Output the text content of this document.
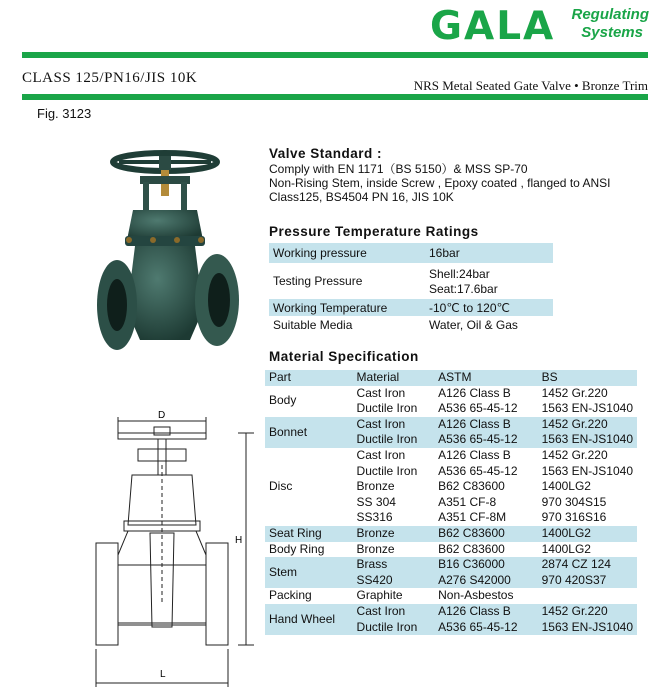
GALA	Regulating
Systems
CLASS 125/PN16/JIS 10K	NRS Metal Seated Gate Valve • Bronze Trim
Fig. 3123
D
H
L
Valve Standard :
Comply with EN 1171（BS 5150）& MSS SP-70
Non-Rising Stem, inside Screw , Epoxy coated , flanged to ANSI
Class125, BS4504 PN 16, JIS 10K
Pressure Temperature Ratings
Working pressure	16bar
Testing Pressure	Shell:24bar
Seat:17.6bar

Working Temperature	-10℃ to 120℃
Suitable Media	Water, Oil & Gas
Material Specification
Part	Material	ASTM	BS
Body	Cast Iron	A126 Class B	1452 Gr.220
	Ductile Iron	A536 65-45-12	1563 EN-JS1040
Bonnet	Cast Iron	A126 Class B	1452 Gr.220
	Ductile Iron	A536 65-45-12	1563 EN-JS1040
Disc	Cast Iron	A126 Class B	1452 Gr.220
	Ductile Iron	A536 65-45-12	1563 EN-JS1040
	Bronze	B62 C83600	1400LG2
	SS 304	A351 CF-8	970 304S15
	SS316	A351 CF-8M	970 316S16
Seat Ring	Bronze	B62 C83600	1400LG2
Body Ring	Bronze	B62 C83600	1400LG2
Stem	Brass	B16 C36000	2874 CZ 124
	SS420	A276 S42000	970 420S37
Packing	Graphite	Non-Asbestos	
Hand Wheel	Cast Iron	A126 Class B	1452 Gr.220
	Ductile Iron	A536 65-45-12	1563 EN-JS1040
